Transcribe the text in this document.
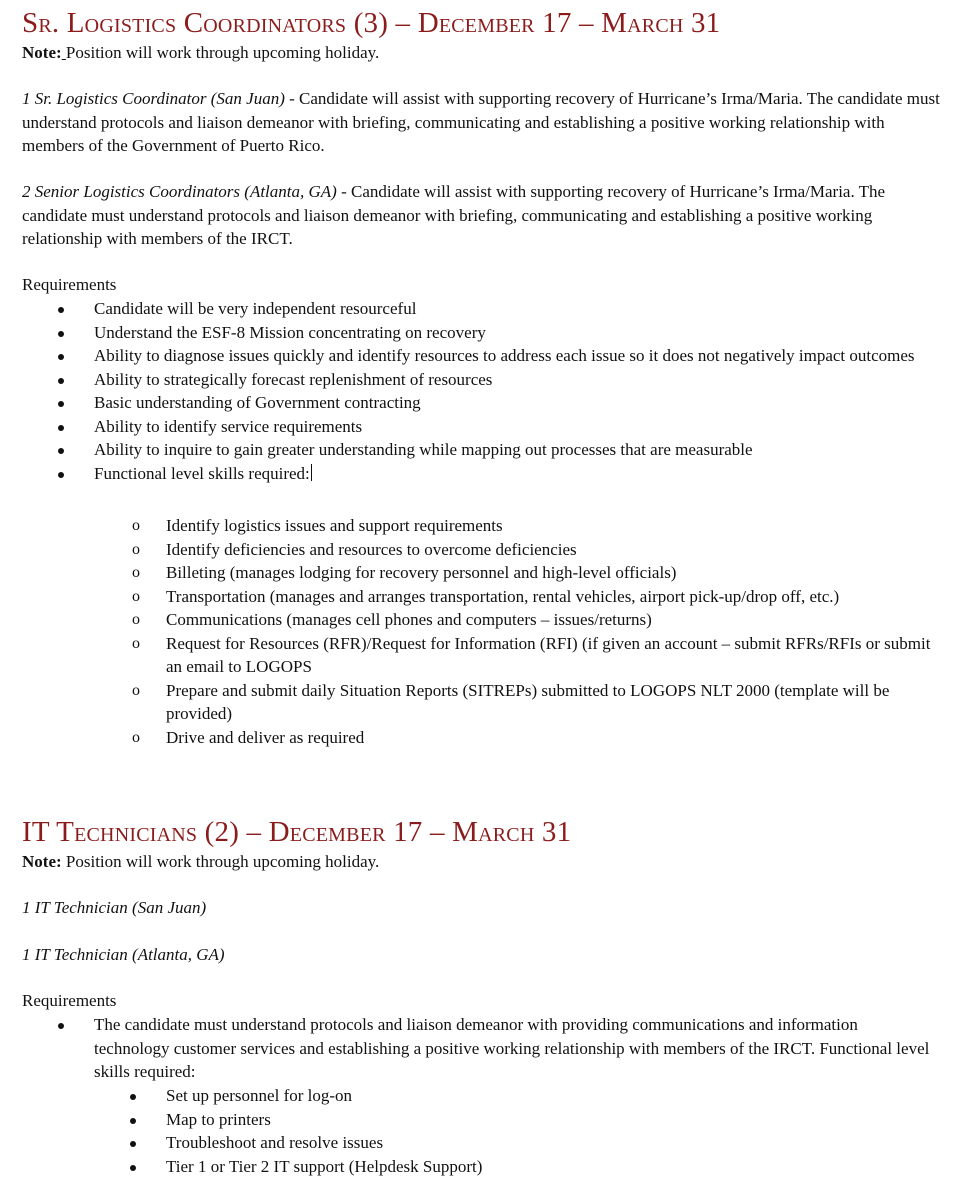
Sr. Logistics Coordinators (3) – December 17 – March 31

Note: Position will work through upcoming holiday.

1 Sr. Logistics Coordinator (San Juan) - Candidate will assist with supporting recovery of Hurricane’s Irma/Maria. The candidate must understand protocols and liaison demeanor with briefing, communicating and establishing a positive working relationship with members of the Government of Puerto Rico.

2 Senior Logistics Coordinators (Atlanta, GA) - Candidate will assist with supporting recovery of Hurricane’s Irma/Maria. The candidate must understand protocols and liaison demeanor with briefing, communicating and establishing a positive working relationship with members of the IRCT.

Requirements

Candidate will be very independent resourceful
Understand the ESF-8 Mission concentrating on recovery
Ability to diagnose issues quickly and identify resources to address each issue so it does not negatively impact outcomes
Ability to strategically forecast replenishment of resources
Basic understanding of Government contracting
Ability to identify service requirements
Ability to inquire to gain greater understanding while mapping out processes that are measurable
Functional level skills required:
o Identify logistics issues and support requirements
o Identify deficiencies and resources to overcome deficiencies
o Billeting (manages lodging for recovery personnel and high-level officials)
o Transportation (manages and arranges transportation, rental vehicles, airport pick-up/drop off, etc.)
o Communications (manages cell phones and computers – issues/returns)
o Request for Resources (RFR)/Request for Information (RFI) (if given an account – submit RFRs/RFIs or submit an email to LOGOPS
o Prepare and submit daily Situation Reports (SITREPs) submitted to LOGOPS NLT 2000 (template will be provided)
o Drive and deliver as required
IT Technicians (2) – December 17 – March 31

Note: Position will work through upcoming holiday.

1 IT Technician (San Juan)

1 IT Technician (Atlanta, GA)

Requirements

The candidate must understand protocols and liaison demeanor with providing communications and information technology customer services and establishing a positive working relationship with members of the IRCT. Functional level skills required:
Set up personnel for log-on
Map to printers
Troubleshoot and resolve issues
Tier 1 or Tier 2 IT support (Helpdesk Support)
